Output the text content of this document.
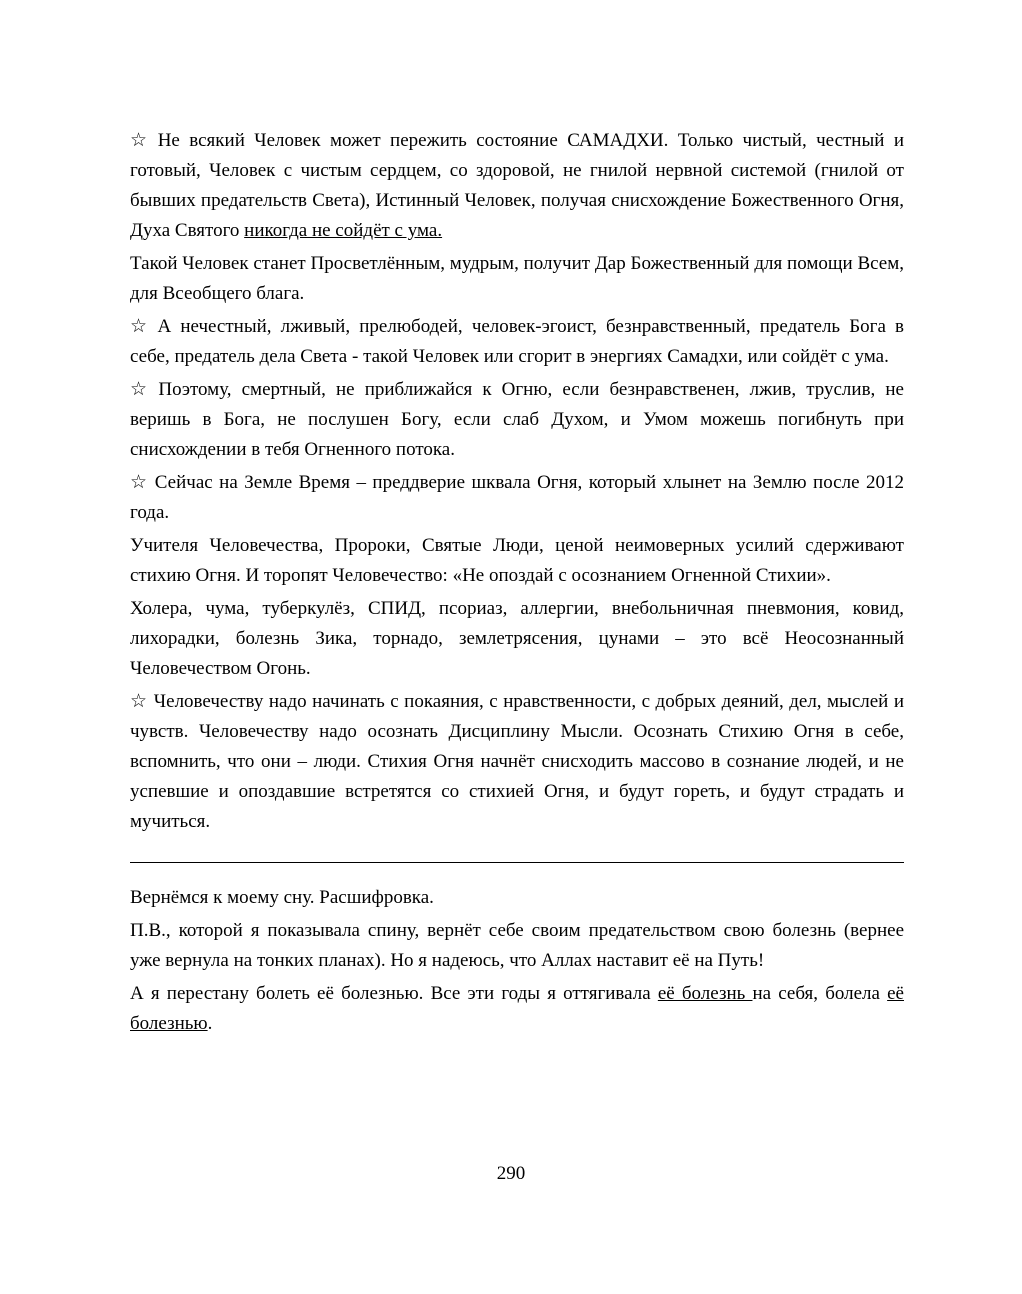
☆ Не всякий Человек может пережить состояние САМАДХИ. Только чистый, честный и готовый, Человек с чистым сердцем, со здоровой, не гнилой нервной системой (гнилой от бывших предательств Света), Истинный Человек, получая снисхождение Божественного Огня, Духа Святого никогда не сойдёт с ума.

Такой Человек станет Просветлённым, мудрым, получит Дар Божественный для помощи Всем, для Всеобщего блага.

☆ А нечестный, лживый, прелюбодей, человек-эгоист, безнравственный, предатель Бога в себе, предатель дела Света - такой Человек или сгорит в энергиях Самадхи, или сойдёт с ума.

☆ Поэтому, смертный, не приближайся к Огню, если безнравственен, лжив, труслив, не веришь в Бога, не послушен Богу, если слаб Духом, и Умом можешь погибнуть при снисхождении в тебя Огненного потока.

☆ Сейчас на Земле Время – преддверие шквала Огня, который хлынет на Землю после 2012 года.

Учителя Человечества, Пророки, Святые Люди, ценой неимоверных усилий сдерживают стихию Огня. И торопят Человечество: «Не опоздай с осознанием Огненной Стихии».

Холера, чума, туберкулёз, СПИД, псориаз, аллергии, внебольничная пневмония, ковид, лихорадки, болезнь Зика, торнадо, землетрясения, цунами – это всё Неосознанный Человечеством Огонь.

☆ Человечеству надо начинать с покаяния, с нравственности, с добрых деяний, дел, мыслей и чувств. Человечеству надо осознать Дисциплину Мысли. Осознать Стихию Огня в себе, вспомнить, что они – люди. Стихия Огня начнёт снисходить массово в сознание людей, и не успевшие и опоздавшие встретятся со стихией Огня, и будут гореть, и будут страдать и мучиться.

Вернёмся к моему сну. Расшифровка.

П.В., которой я показывала спину, вернёт себе своим предательством свою болезнь (вернее уже вернула на тонких планах). Но я надеюсь, что Аллах наставит её на Путь!

А я перестану болеть её болезнью. Все эти годы я оттягивала её болезнь на себя, болела её болезнью.

290
